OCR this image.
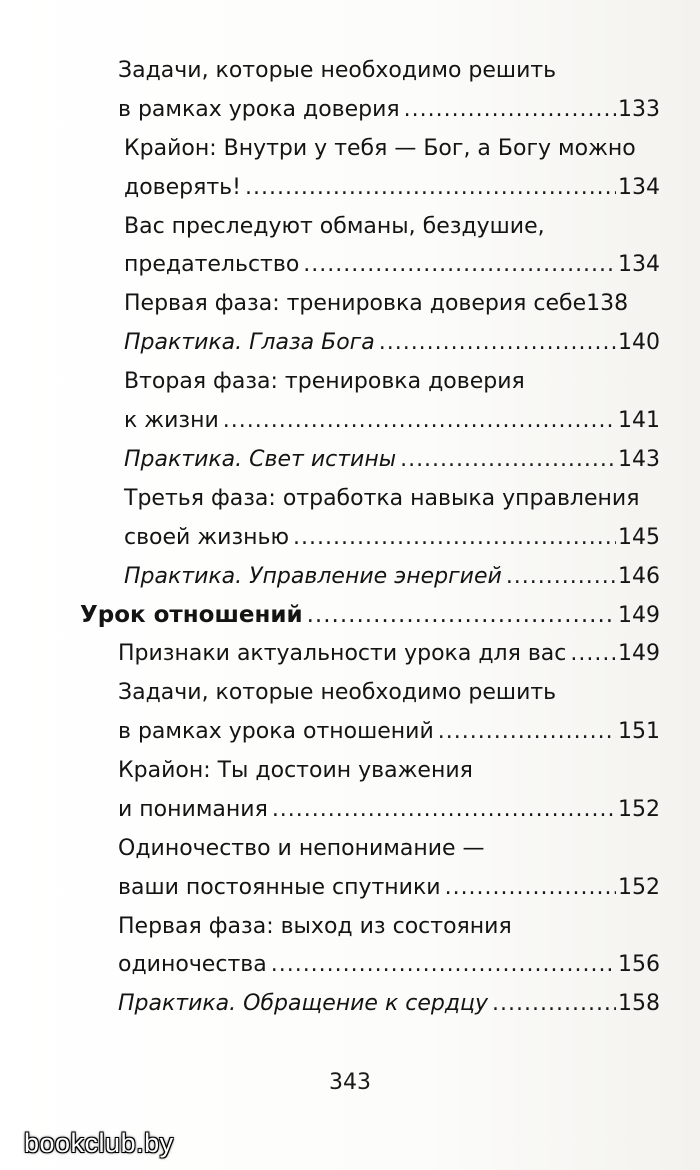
Задачи, которые необходимо решить
в рамках урока доверия .....	133
Крайон: Внутри у тебя — Бог, а Богу можно
доверять! .....	134
Вас преследуют обманы, бездушие,
предательство .....	134
Первая фаза: тренировка доверия себе 138
Практика. Глаза Бога .....	140
Вторая фаза: тренировка доверия
к жизни .....	141
Практика. Свет истины .....	143
Третья фаза: отработка навыка управления
своей жизнью .....	145
Практика. Управление энергией .....	146
Урок отношений .....	149
Признаки актуальности урока для вас ..... 149
Задачи, которые необходимо решить
в рамках урока отношений .....	151
Крайон: Ты достоин уважения
и понимания .....	152
Одиночество и непонимание —
ваши постоянные спутники .....	152
Первая фаза: выход из состояния
одиночества .....	156
Практика. Обращение к сердцу .....	158
343
bookclub.by
